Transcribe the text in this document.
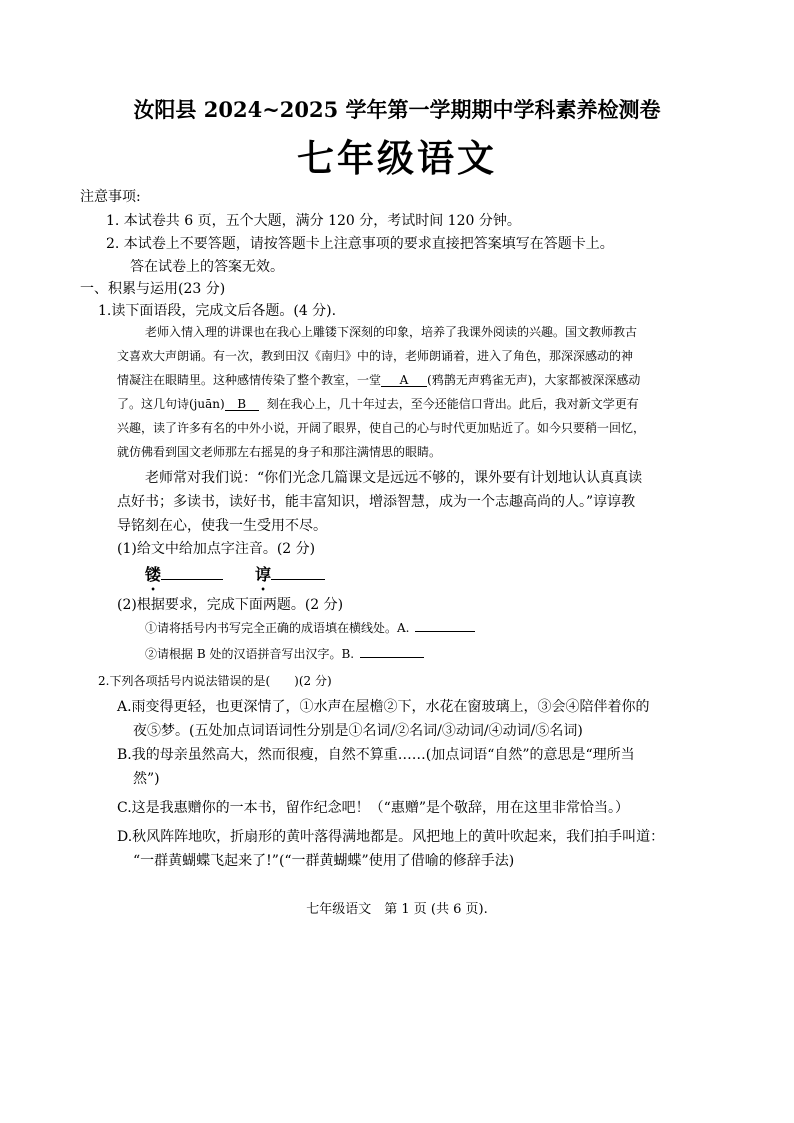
汝阳县 2024~2025 学年第一学期期中学科素养检测卷
七年级语文
注意事项:
1. 本试卷共 6 页，五个大题，满分 120 分，考试时间 120 分钟。
2. 本试卷上不要答题，请按答题卡上注意事项的要求直接把答案填写在答题卡上。
答在试卷上的答案无效。
一、积累与运用(23 分)
1.读下面语段，完成文后各题。(4 分).
老师入情入理的讲课也在我心上雕镂下深刻的印象，培养了我课外阅读的兴趣。国文教师教古
文喜欢大声朗诵。有一次，教到田汉《南归》中的诗，老师朗诵着，进入了角色，那深深感动的神
情凝注在眼睛里。这种感情传染了整个教室，一堂 A (鸦鹊无声鸦雀无声)，大家都被深深感动
了。这几句诗(juān) B 刻在我心上，几十年过去，至今还能信口背出。此后，我对新文学更有
兴趣，读了许多有名的中外小说，开阔了眼界，使自己的心与时代更加贴近了。如今只要稍一回忆，
就仿佛看到国文老师那左右摇晃的身子和那注满情思的眼睛。
老师常对我们说：“你们光念几篇课文是远远不够的，课外要有计划地认认真真读
点好书；多读书，读好书，能丰富知识，增添智慧，成为一个志趣高尚的人。”谆谆教
导铭刻在心，使我一生受用不尽。
(1)给文中给加点字注音。(2 分)
镂	谆
(2)根据要求，完成下面两题。(2 分)
①请将括号内书写完全正确的成语填在横线处。A.
②请根据 B 处的汉语拼音写出汉字。B.
2.下列各项括号内说法错误的是(　　)(2 分)
A.雨变得更轻，也更深情了，①水声在屋檐②下，水花在窗玻璃上，③会④陪伴着你的
夜⑤梦。(五处加点词语词性分别是①名词/②名词/③动词/④动词/⑤名词)
B.我的母亲虽然高大，然而很瘦，自然不算重……(加点词语“自然”的意思是“理所当
然”)
C.这是我惠赠你的一本书，留作纪念吧！（“惠赠”是个敬辞，用在这里非常恰当。）
D.秋风阵阵地吹，折扇形的黄叶落得满地都是。风把地上的黄叶吹起来，我们拍手叫道：
“一群黄蝴蝶飞起来了!”(“一群黄蝴蝶”使用了借喻的修辞手法)
七年级语文　第 1 页 (共 6 页).
